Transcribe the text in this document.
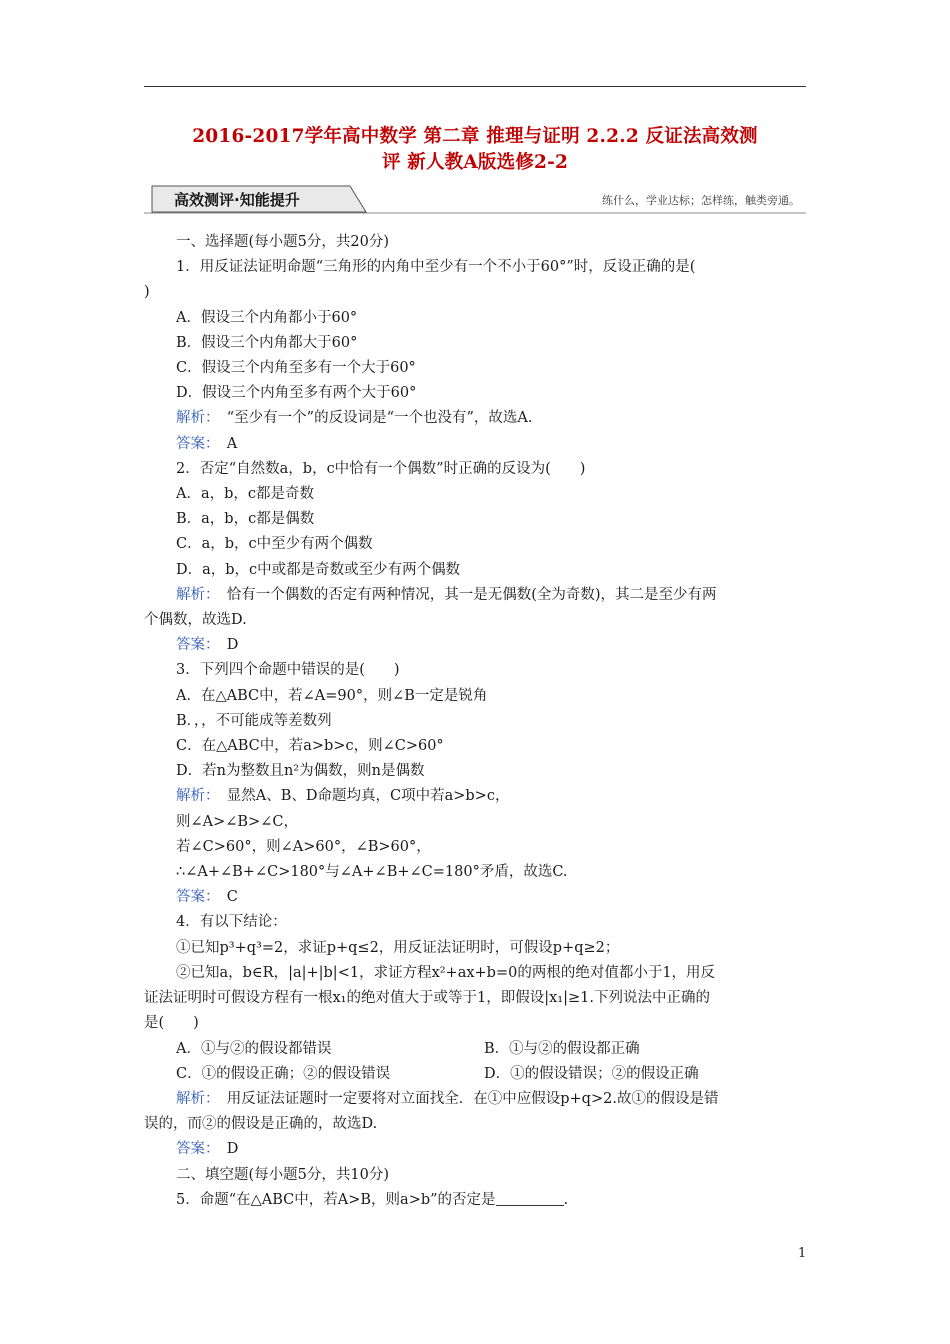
2016-2017学年高中数学 第二章 推理与证明 2.2.2 反证法高效测
评 新人教A版选修2-2
高效测评·知能提升	练什么，学业达标；怎样练，触类旁通。

一、选择题(每小题5分，共20分)

1．用反证法证明命题“三角形的内角中至少有一个不小于60°”时，反设正确的是(

)

A．假设三个内角都小于60°

B．假设三个内角都大于60°

C．假设三个内角至多有一个大于60°

D．假设三个内角至多有两个大于60°

解析：　“至少有一个”的反设词是“一个也没有”，故选A.

答案：　A

2．否定“自然数a，b，c中恰有一个偶数”时正确的反设为(　　)

A．a，b，c都是奇数

B．a，b，c都是偶数

C．a，b，c中至少有两个偶数

D．a，b，c中或都是奇数或至少有两个偶数

解析：　恰有一个偶数的否定有两种情况，其一是无偶数(全为奇数)，其二是至少有两

个偶数，故选D.

答案：　D

3．下列四个命题中错误的是(　　)

A．在△ABC中，若∠A=90°，则∠B一定是锐角

B．，，不可能成等差数列

C．在△ABC中，若a>b>c，则∠C>60°

D．若n为整数且n²为偶数，则n是偶数

解析：　显然A、B、D命题均真，C项中若a>b>c，

则∠A>∠B>∠C，

若∠C>60°，则∠A>60°，∠B>60°，

∴∠A+∠B+∠C>180°与∠A+∠B+∠C=180°矛盾，故选C.

答案：　C

4．有以下结论：

①已知p³+q³=2，求证p+q≤2，用反证法证明时，可假设p+q≥2；

②已知a，b∈R，|a|+|b|<1，求证方程x²+ax+b=0的两根的绝对值都小于1，用反

证法证明时可假设方程有一根x₁的绝对值大于或等于1，即假设|x₁|≥1.下列说法中正确的

是(　　)

A．①与②的假设都错误	B．①与②的假设都正确

C．①的假设正确；②的假设错误	D．①的假设错误；②的假设正确

解析：　用反证法证题时一定要将对立面找全．在①中应假设p+q>2.故①的假设是错

误的，而②的假设是正确的，故选D.

答案：　D

二、填空题(每小题5分，共10分)

5．命题“在△ABC中，若A>B，则a>b”的否定是	.

1
